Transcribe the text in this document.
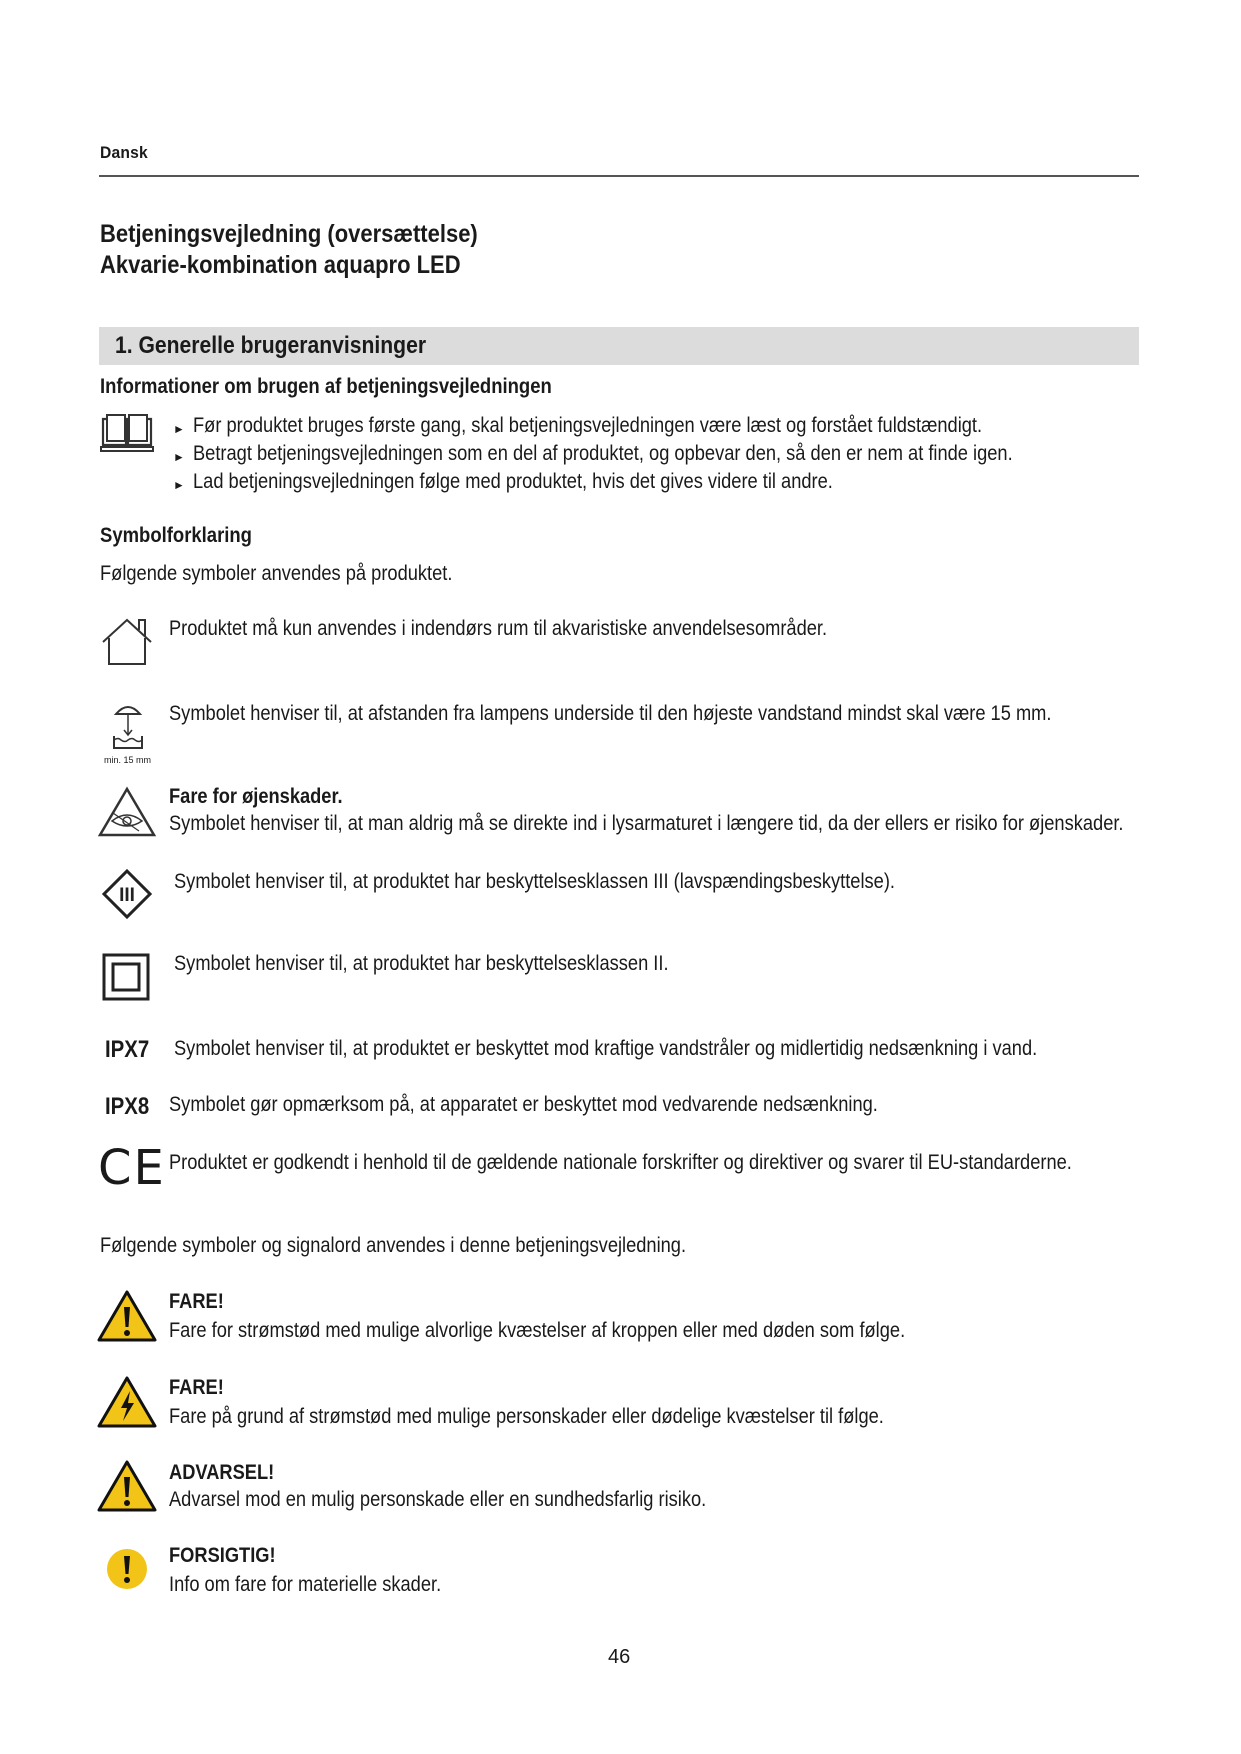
Dansk
Betjeningsvejledning (oversættelse)
Akvarie-kombination aquapro LED
1. Generelle brugeranvisninger
Informationer om brugen af betjeningsvejledningen
► Før produktet bruges første gang, skal betjeningsvejledningen være læst og forstået fuldstændigt.
► Betragt betjeningsvejledningen som en del af produktet, og opbevar den, så den er nem at finde igen.
► Lad betjeningsvejledningen følge med produktet, hvis det gives videre til andre.
Symbolforklaring
Følgende symboler anvendes på produktet.
Produktet må kun anvendes i indendørs rum til akvaristiske anvendelsesområder.
min. 15 mm
Symbolet henviser til, at afstanden fra lampens underside til den højeste vandstand mindst skal være 15 mm.
Fare for øjenskader.
Symbolet henviser til, at man aldrig må se direkte ind i lysarmaturet i længere tid, da der ellers er risiko for øjenskader.
III
Symbolet henviser til, at produktet har beskyttelsesklassen III (lavspændingsbeskyttelse).
Symbolet henviser til, at produktet har beskyttelsesklassen II.
IPX7 Symbolet henviser til, at produktet er beskyttet mod kraftige vandstråler og midlertidig nedsænkning i vand.
IPX8 Symbolet gør opmærksom på, at apparatet er beskyttet mod vedvarende nedsænkning.
CE Produktet er godkendt i henhold til de gældende nationale forskrifter og direktiver og svarer til EU-standarderne.
Følgende symboler og signalord anvendes i denne betjeningsvejledning.
FARE!
Fare for strømstød med mulige alvorlige kvæstelser af kroppen eller med døden som følge.
FARE!
Fare på grund af strømstød med mulige personskader eller dødelige kvæstelser til følge.
ADVARSEL!
Advarsel mod en mulig personskade eller en sundhedsfarlig risiko.
FORSIGTIG!
Info om fare for materielle skader.
46
